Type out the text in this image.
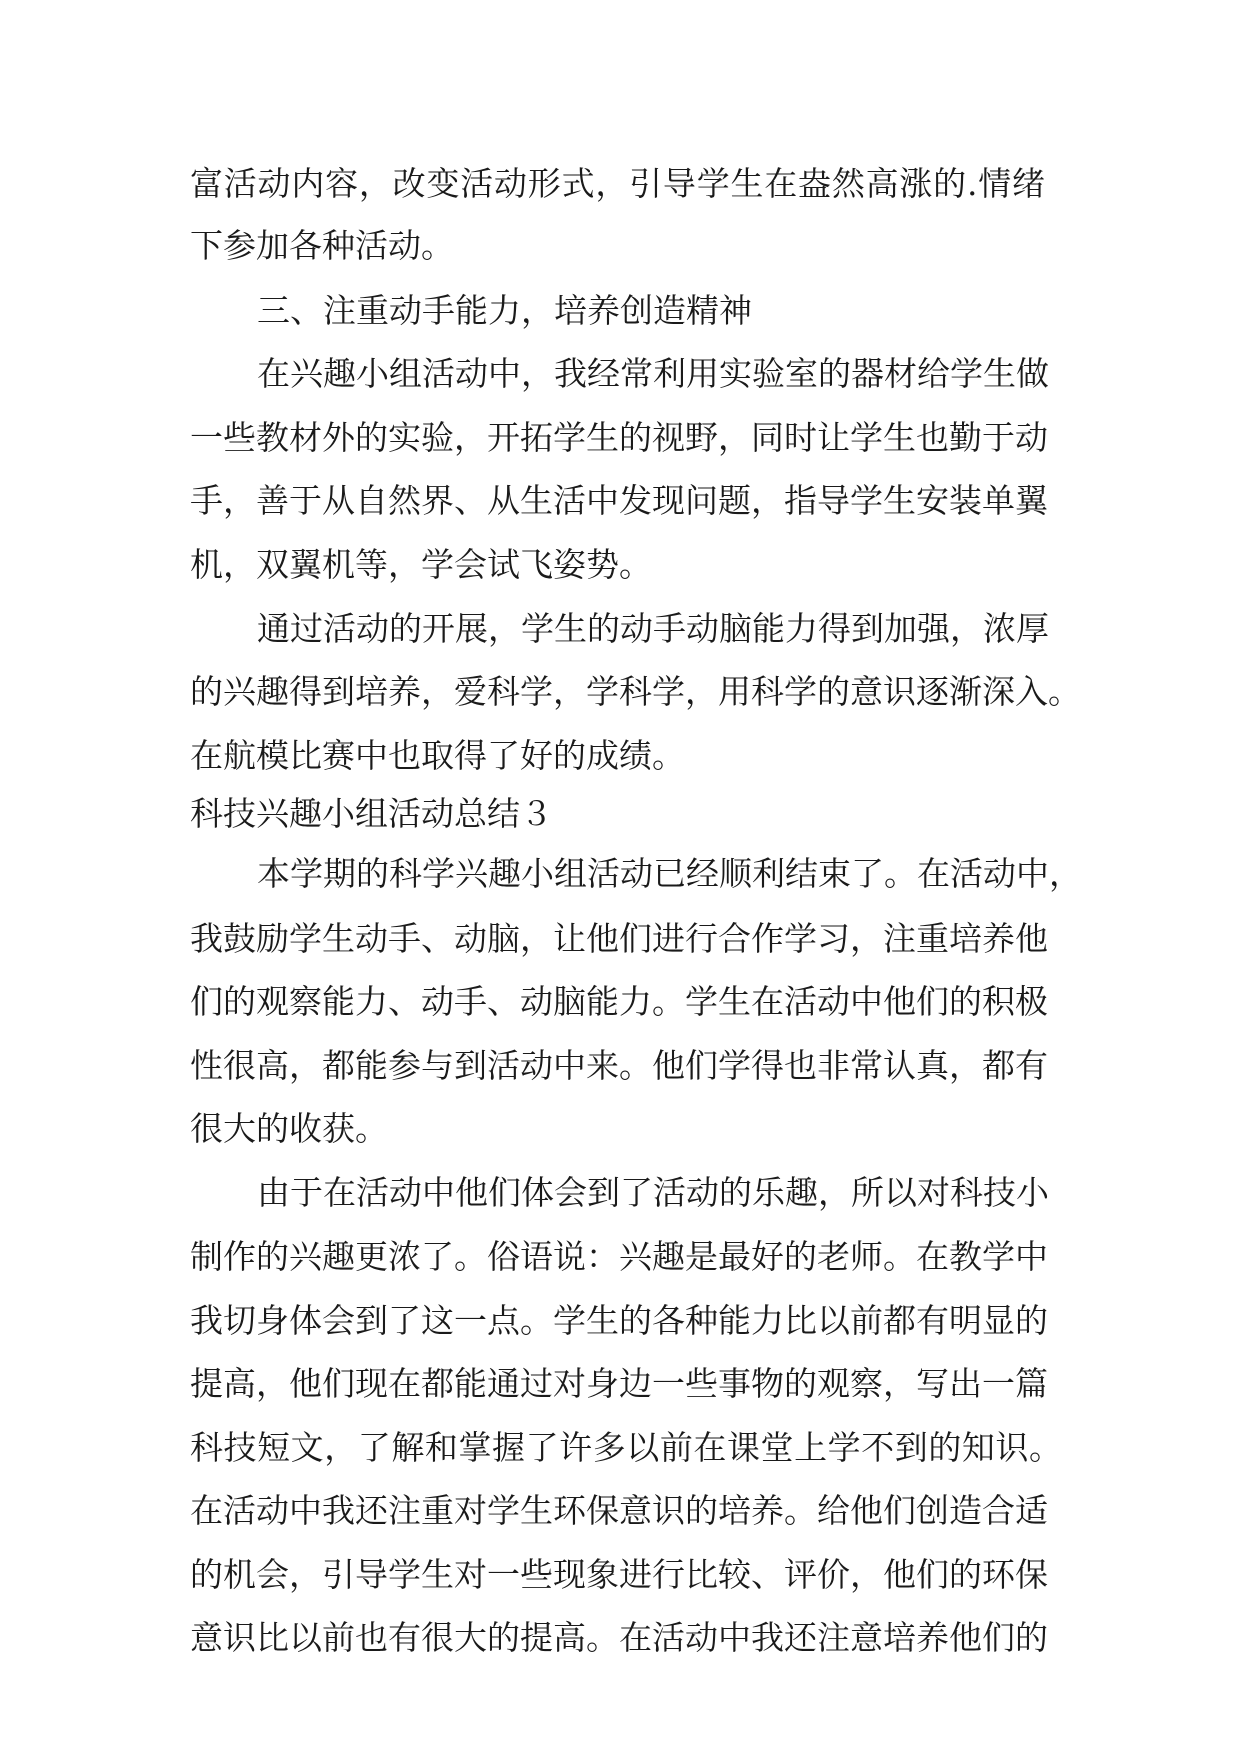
富活动内容，改变活动形式，引导学生在盎然高涨的.情绪
下参加各种活动。
三、注重动手能力，培养创造精神
在兴趣小组活动中，我经常利用实验室的器材给学生做
一些教材外的实验，开拓学生的视野，同时让学生也勤于动
手，善于从自然界、从生活中发现问题，指导学生安装单翼
机，双翼机等，学会试飞姿势。
通过活动的开展，学生的动手动脑能力得到加强，浓厚
的兴趣得到培养，爱科学，学科学，用科学的意识逐渐深入。
在航模比赛中也取得了好的成绩。
科技兴趣小组活动总结３
本学期的科学兴趣小组活动已经顺利结束了。在活动中，
我鼓励学生动手、动脑，让他们进行合作学习，注重培养他
们的观察能力、动手、动脑能力。学生在活动中他们的积极
性很高，都能参与到活动中来。他们学得也非常认真，都有
很大的收获。
由于在活动中他们体会到了活动的乐趣，所以对科技小
制作的兴趣更浓了。俗语说：兴趣是最好的老师。在教学中
我切身体会到了这一点。学生的各种能力比以前都有明显的
提高，他们现在都能通过对身边一些事物的观察，写出一篇
科技短文，了解和掌握了许多以前在课堂上学不到的知识。
在活动中我还注重对学生环保意识的培养。给他们创造合适
的机会，引导学生对一些现象进行比较、评价，他们的环保
意识比以前也有很大的提高。在活动中我还注意培养他们的
